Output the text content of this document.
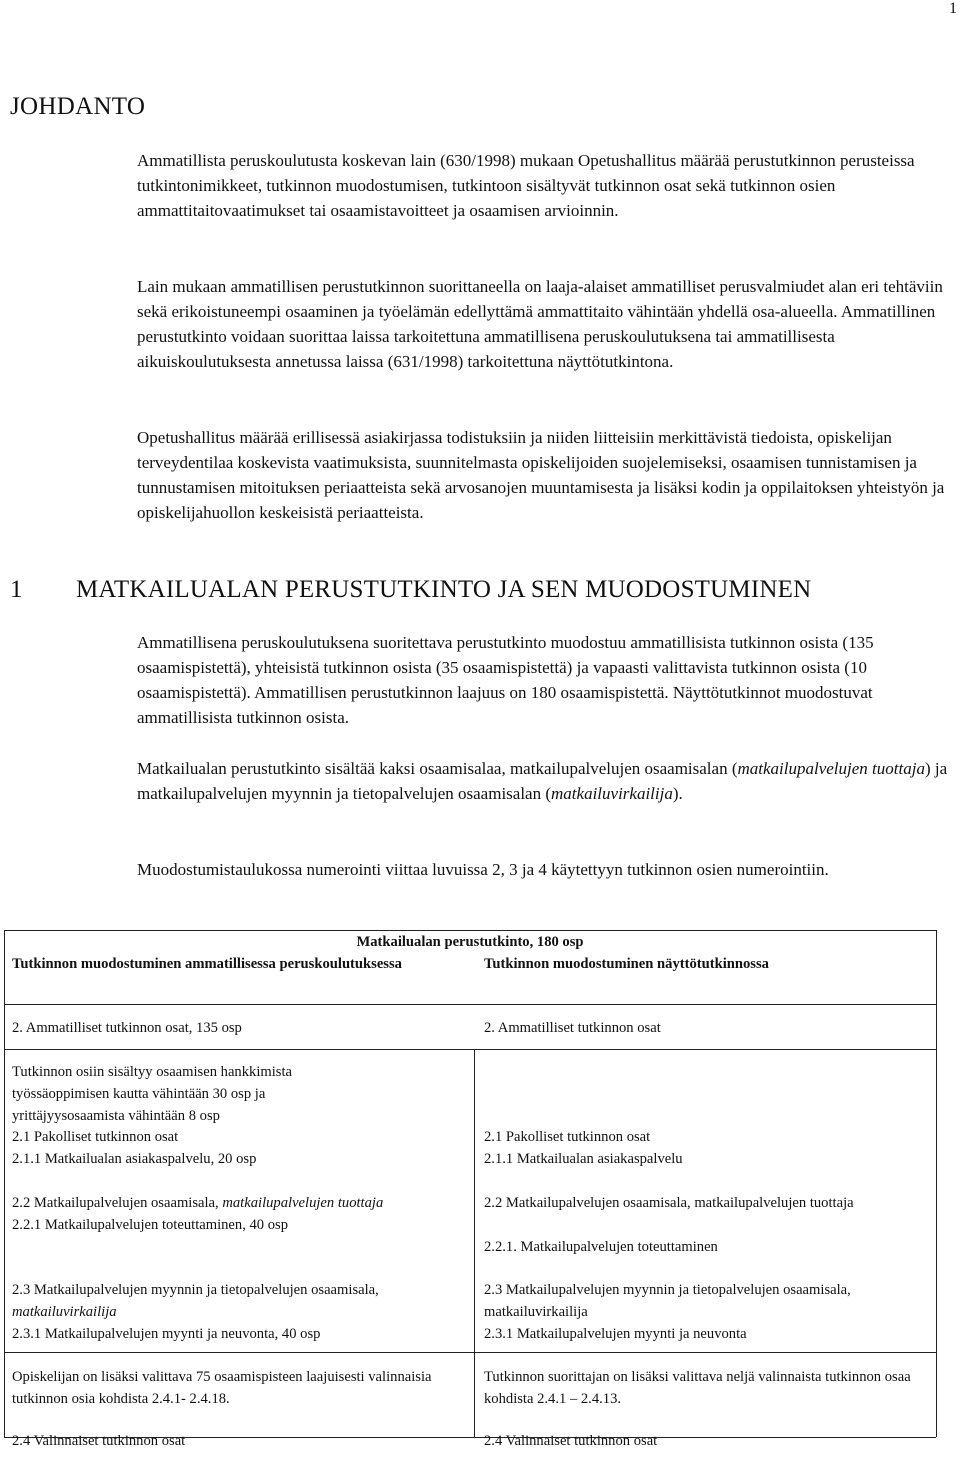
1
JOHDANTO

Ammatillista peruskoulutusta koskevan lain (630/1998) mukaan Opetushallitus määrää perustutkinnon perusteissa tutkintonimikkeet, tutkinnon muodostumisen, tutkintoon sisältyvät tutkinnon osat sekä tutkinnon osien ammattitaitovaatimukset tai osaamistavoitteet ja osaamisen arvioinnin.

Lain mukaan ammatillisen perustutkinnon suorittaneella on laaja-alaiset ammatilliset perusvalmiudet alan eri tehtäviin sekä erikoistuneempi osaaminen ja työelämän edellyttämä ammattitaito vähintään yhdellä osa-alueella. Ammatillinen perustutkinto voidaan suorittaa laissa tarkoitettuna ammatillisena peruskoulutuksena tai ammatillisesta aikuiskoulutuksesta annetussa laissa (631/1998) tarkoitettuna näyttötutkintona.

Opetushallitus määrää erillisessä asiakirjassa todistuksiin ja niiden liitteisiin merkittävistä tiedoista, opiskelijan terveydentilaa koskevista vaatimuksista, suunnitelmasta opiskelijoiden suojelemiseksi, osaamisen tunnistamisen ja tunnustamisen mitoituksen periaatteista sekä arvosanojen muuntamisesta ja lisäksi kodin ja oppilaitoksen yhteistyön ja opiskelijahuollon keskeisistä periaatteista.

1 MATKAILUALAN PERUSTUTKINTO JA SEN MUODOSTUMINEN

Ammatillisena peruskoulutuksena suoritettava perustutkinto muodostuu ammatillisista tutkinnon osista (135 osaamispistettä), yhteisistä tutkinnon osista (35 osaamispistettä) ja vapaasti valittavista tutkinnon osista (10 osaamispistettä). Ammatillisen perustutkinnon laajuus on 180 osaamispistettä. Näyttötutkinnot muodostuvat ammatillisista tutkinnon osista.

Matkailualan perustutkinto sisältää kaksi osaamisalaa, matkailupalvelujen osaamisalan (matkailupalvelujen tuottaja) ja matkailupalvelujen myynnin ja tietopalvelujen osaamisalan (matkailuvirkailija).

Muodostumistaulukossa numerointi viittaa luvuissa 2, 3 ja 4 käytettyyn tutkinnon osien numerointiin.

Matkailualan perustutkinto, 180 osp
Tutkinnon muodostuminen ammatillisessa peruskoulutuksessa	Tutkinnon muodostuminen näyttötutkinnossa
2. Ammatilliset tutkinnon osat, 135 osp	2. Ammatilliset tutkinnon osat
Tutkinnon osiin sisältyy osaamisen hankkimista työssäoppimisen kautta vähintään 30 osp ja yrittäjyysosaamista vähintään 8 osp
2.1 Pakolliset tutkinnon osat
2.1.1 Matkailualan asiakaspalvelu, 20 osp
2.1 Pakolliset tutkinnon osat
2.1.1 Matkailualan asiakaspalvelu
2.2 Matkailupalvelujen osaamisala, matkailupalvelujen tuottaja
2.2.1 Matkailupalvelujen toteuttaminen, 40 osp
2.2 Matkailupalvelujen osaamisala, matkailupalvelujen tuottaja
2.2.1. Matkailupalvelujen toteuttaminen
2.3 Matkailupalvelujen myynnin ja tietopalvelujen osaamisala, matkailuvirkailija
2.3.1 Matkailupalvelujen myynti ja neuvonta, 40 osp
2.3 Matkailupalvelujen myynnin ja tietopalvelujen osaamisala, matkailuvirkailija
2.3.1 Matkailupalvelujen myynti ja neuvonta
Opiskelijan on lisäksi valittava 75 osaamispisteen laajuisesti valinnaisia tutkinnon osia kohdista 2.4.1- 2.4.18.
2.4 Valinnaiset tutkinnon osat
Tutkinnon suorittajan on lisäksi valittava neljä valinnaista tutkinnon osaa kohdista 2.4.1 – 2.4.13.
2.4 Valinnaiset tutkinnon osat
